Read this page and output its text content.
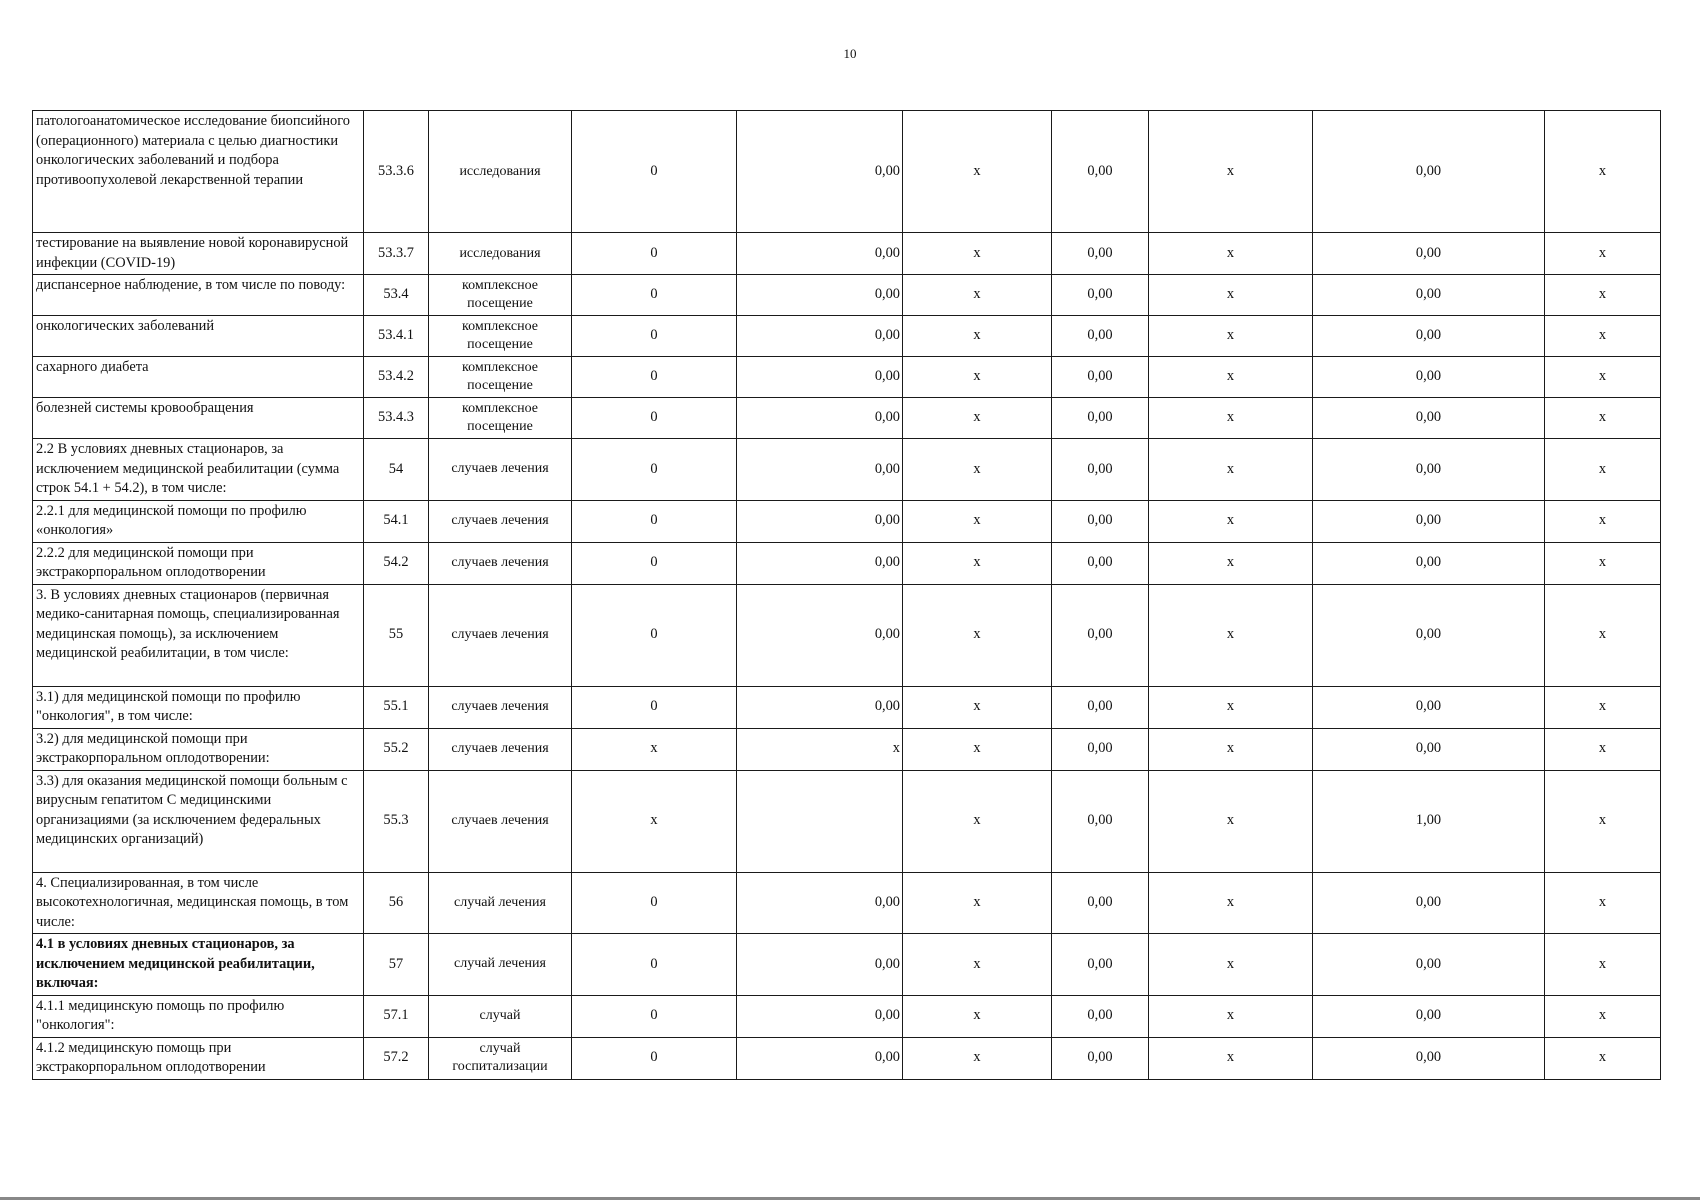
10
патологоанатомическое исследование биопсийного (операционного) материала с целью диагностики онкологических заболеваний и подбора противоопухолевой лекарственной терапии	53.3.6	исследования	0	0,00	х	0,00	х	0,00	х
тестирование на выявление новой коронавирусной инфекции (COVID-19)	53.3.7	исследования	0	0,00	х	0,00	х	0,00	х
диспансерное наблюдение, в том числе по поводу:	53.4	комплексное посещение	0	0,00	х	0,00	х	0,00	х
онкологических заболеваний	53.4.1	комплексное посещение	0	0,00	х	0,00	х	0,00	х
сахарного диабета	53.4.2	комплексное посещение	0	0,00	х	0,00	х	0,00	х
болезней системы кровообращения	53.4.3	комплексное посещение	0	0,00	х	0,00	х	0,00	х
2.2 В условиях дневных стационаров, за исключением медицинской реабилитации (сумма строк 54.1 + 54.2), в том числе:	54	случаев лечения	0	0,00	х	0,00	х	0,00	х
2.2.1 для медицинской помощи по профилю «онкология»	54.1	случаев лечения	0	0,00	х	0,00	х	0,00	х
2.2.2 для медицинской помощи при экстракорпоральном оплодотворении	54.2	случаев лечения	0	0,00	х	0,00	х	0,00	х
3. В условиях дневных стационаров (первичная медико-санитарная помощь, специализированная медицинская помощь), за исключением медицинской реабилитации, в том числе:	55	случаев лечения	0	0,00	х	0,00	х	0,00	х
3.1) для медицинской помощи по профилю "онкология", в том числе:	55.1	случаев лечения	0	0,00	х	0,00	х	0,00	х
3.2) для медицинской помощи при экстракорпоральном оплодотворении:	55.2	случаев лечения	х	х	х	0,00	х	0,00	х
3.3) для оказания медицинской помощи больным с вирусным гепатитом С медицинскими организациями (за исключением федеральных медицинских организаций)	55.3	случаев лечения	х		х	0,00	х	1,00	х
4. Специализированная, в том числе высокотехнологичная, медицинская помощь, в том числе:	56	случай лечения	0	0,00	х	0,00	х	0,00	х
4.1 в условиях дневных стационаров, за исключением медицинской реабилитации, включая:	57	случай лечения	0	0,00	х	0,00	х	0,00	х
4.1.1 медицинскую помощь по профилю "онкология":	57.1	случай	0	0,00	х	0,00	х	0,00	х
4.1.2 медицинскую помощь при экстракорпоральном оплодотворении	57.2	случай госпитализации	0	0,00	х	0,00	х	0,00	х
